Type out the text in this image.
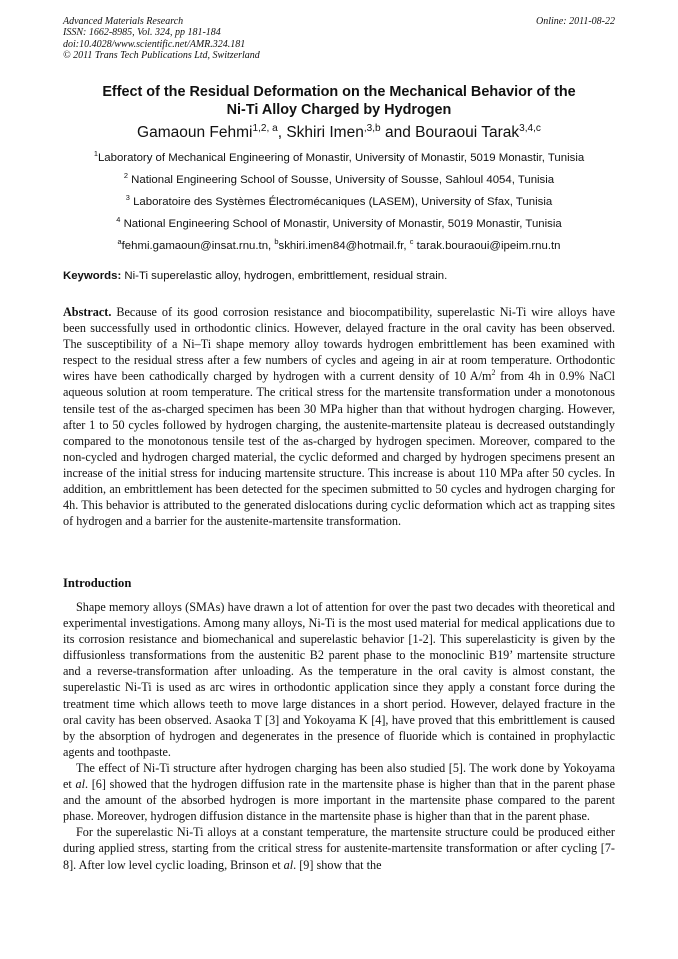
Advanced Materials Research
ISSN: 1662-8985, Vol. 324, pp 181-184
doi:10.4028/www.scientific.net/AMR.324.181
© 2011 Trans Tech Publications Ltd, Switzerland
Online: 2011-08-22
Effect of the Residual Deformation on the Mechanical Behavior of the
Ni-Ti Alloy Charged by Hydrogen
Gamaoun Fehmi$^{1,2, a}$, Skhiri Imen$^{,3,b}$ and Bouraoui Tarak$^{3,4,c}$
$^1$Laboratory of Mechanical Engineering of Monastir, University of Monastir, 5019 Monastir, Tunisia
$^2$ National Engineering School of Sousse, University of Sousse, Sahloul 4054, Tunisia
$^3$ Laboratoire des Systèmes Électromécaniques (LASEM), University of Sfax, Tunisia
$^4$ National Engineering School of Monastir, University of Monastir, 5019 Monastir, Tunisia
$^a$fehmi.gamaoun@insat.rnu.tn, $^b$skhiri.imen84@hotmail.fr, $^c$ tarak.bouraoui@ipeim.rnu.tn
Keywords: Ni-Ti superelastic alloy, hydrogen, embrittlement, residual strain.

Abstract. Because of its good corrosion resistance and biocompatibility, superelastic Ni-Ti wire alloys have been successfully used in orthodontic clinics. However, delayed fracture in the oral cavity has been observed. The susceptibility of a Ni–Ti shape memory alloy towards hydrogen embrittlement has been examined with respect to the residual stress after a few numbers of cycles and ageing in air at room temperature. Orthodontic wires have been cathodically charged by hydrogen with a current density of 10 $A/m^2$ from 4h in 0.9% NaCl aqueous solution at room temperature. The critical stress for the martensite transformation under a monotonous tensile test of the as-charged specimen has been 30 MPa higher than that without hydrogen charging. However, after 1 to 50 cycles followed by hydrogen charging, the austenite-martensite plateau is decreased outstandingly compared to the monotonous tensile test of the as-charged by hydrogen specimen. Moreover, compared to the non-cycled and hydrogen charged material, the cyclic deformed and charged by hydrogen specimens present an increase of the initial stress for inducing martensite structure. This increase is about 110 MPa after 50 cycles. In addition, an embrittlement has been detected for the specimen submitted to 50 cycles and hydrogen charging for 4h. This behavior is attributed to the generated dislocations during cyclic deformation which act as trapping sites of hydrogen and a barrier for the austenite-martensite transformation.

Introduction

Shape memory alloys (SMAs) have drawn a lot of attention for over the past two decades with theoretical and experimental investigations. Among many alloys, Ni-Ti is the most used material for medical applications due to its corrosion resistance and biomechanical and superelastic behavior [1-2]. This superelasticity is given by the diffusionless transformations from the austenitic B2 parent phase to the monoclinic B19’ martensite structure and a reverse-transformation after unloading. As the temperature in the oral cavity is almost constant, the superelastic Ni-Ti is used as arc wires in orthodontic application since they apply a constant force during the treatment time which allows teeth to move large distances in a short period. However, delayed fracture in the oral cavity has been observed. Asaoka T [3] and Yokoyama K [4], have proved that this embrittlement is caused by the absorption of hydrogen and degenerates in the presence of fluoride which is contained in prophylactic agents and toothpaste.

The effect of Ni-Ti structure after hydrogen charging has been also studied [5]. The work done by Yokoyama et al. [6] showed that the hydrogen diffusion rate in the martensite phase is higher than that in the parent phase and the amount of the absorbed hydrogen is more important in the martensite phase compared to the parent phase. Moreover, hydrogen diffusion distance in the martensite phase is higher than that in the parent phase.

For the superelastic Ni-Ti alloys at a constant temperature, the martensite structure could be produced either during applied stress, starting from the critical stress for austenite-martensite transformation or after cycling [7-8]. After low level cyclic loading, Brinson et al. [9] show that the
